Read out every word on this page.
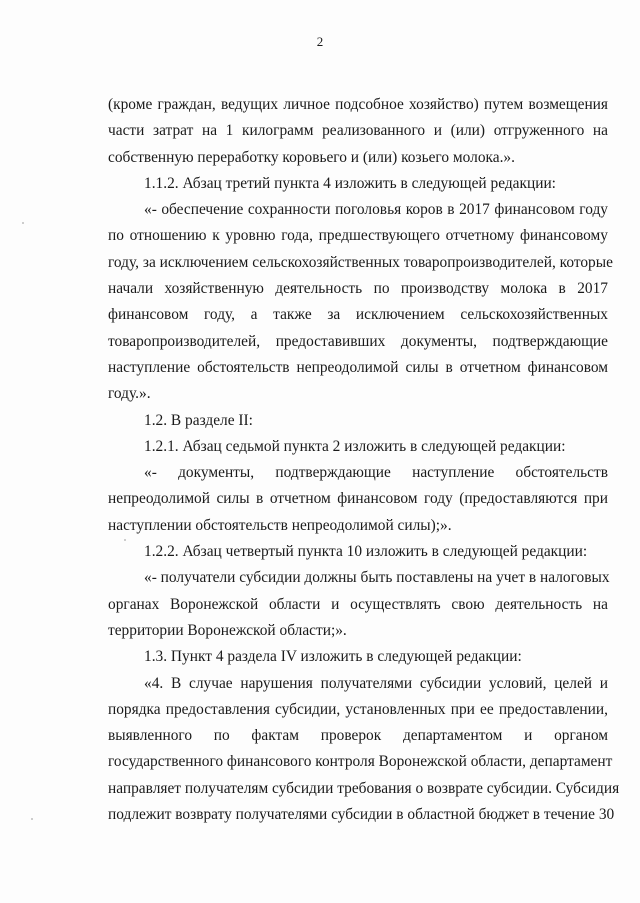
2
(кроме граждан, ведущих личное подсобное хозяйство) путем возмещения
части затрат на 1 килограмм реализованного и (или) отгруженного на
собственную переработку коровьего и (или) козьего молока.».
1.1.2. Абзац третий пункта 4 изложить в следующей редакции:
«- обеспечение сохранности поголовья коров в 2017 финансовом году
по отношению к уровню года, предшествующего отчетному финансовому
году, за исключением сельскохозяйственных товаропроизводителей, которые
начали хозяйственную деятельность по производству молока в 2017
финансовом году, а также за исключением сельскохозяйственных
товаропроизводителей, предоставивших документы, подтверждающие
наступление обстоятельств непреодолимой силы в отчетном финансовом
году.».
1.2. В разделе II:
1.2.1. Абзац седьмой пункта 2 изложить в следующей редакции:
«- документы, подтверждающие наступление обстоятельств
непреодолимой силы в отчетном финансовом году (предоставляются при
наступлении обстоятельств непреодолимой силы);».
1.2.2. Абзац четвертый пункта 10 изложить в следующей редакции:
«- получатели субсидии должны быть поставлены на учет в налоговых
органах Воронежской области и осуществлять свою деятельность на
территории Воронежской области;».
1.3. Пункт 4 раздела IV изложить в следующей редакции:
«4. В случае нарушения получателями субсидии условий, целей и
порядка предоставления субсидии, установленных при ее предоставлении,
выявленного по фактам проверок департаментом и органом
государственного финансового контроля Воронежской области, департамент
направляет получателям субсидии требования о возврате субсидии. Субсидия
подлежит возврату получателями субсидии в областной бюджет в течение 30
